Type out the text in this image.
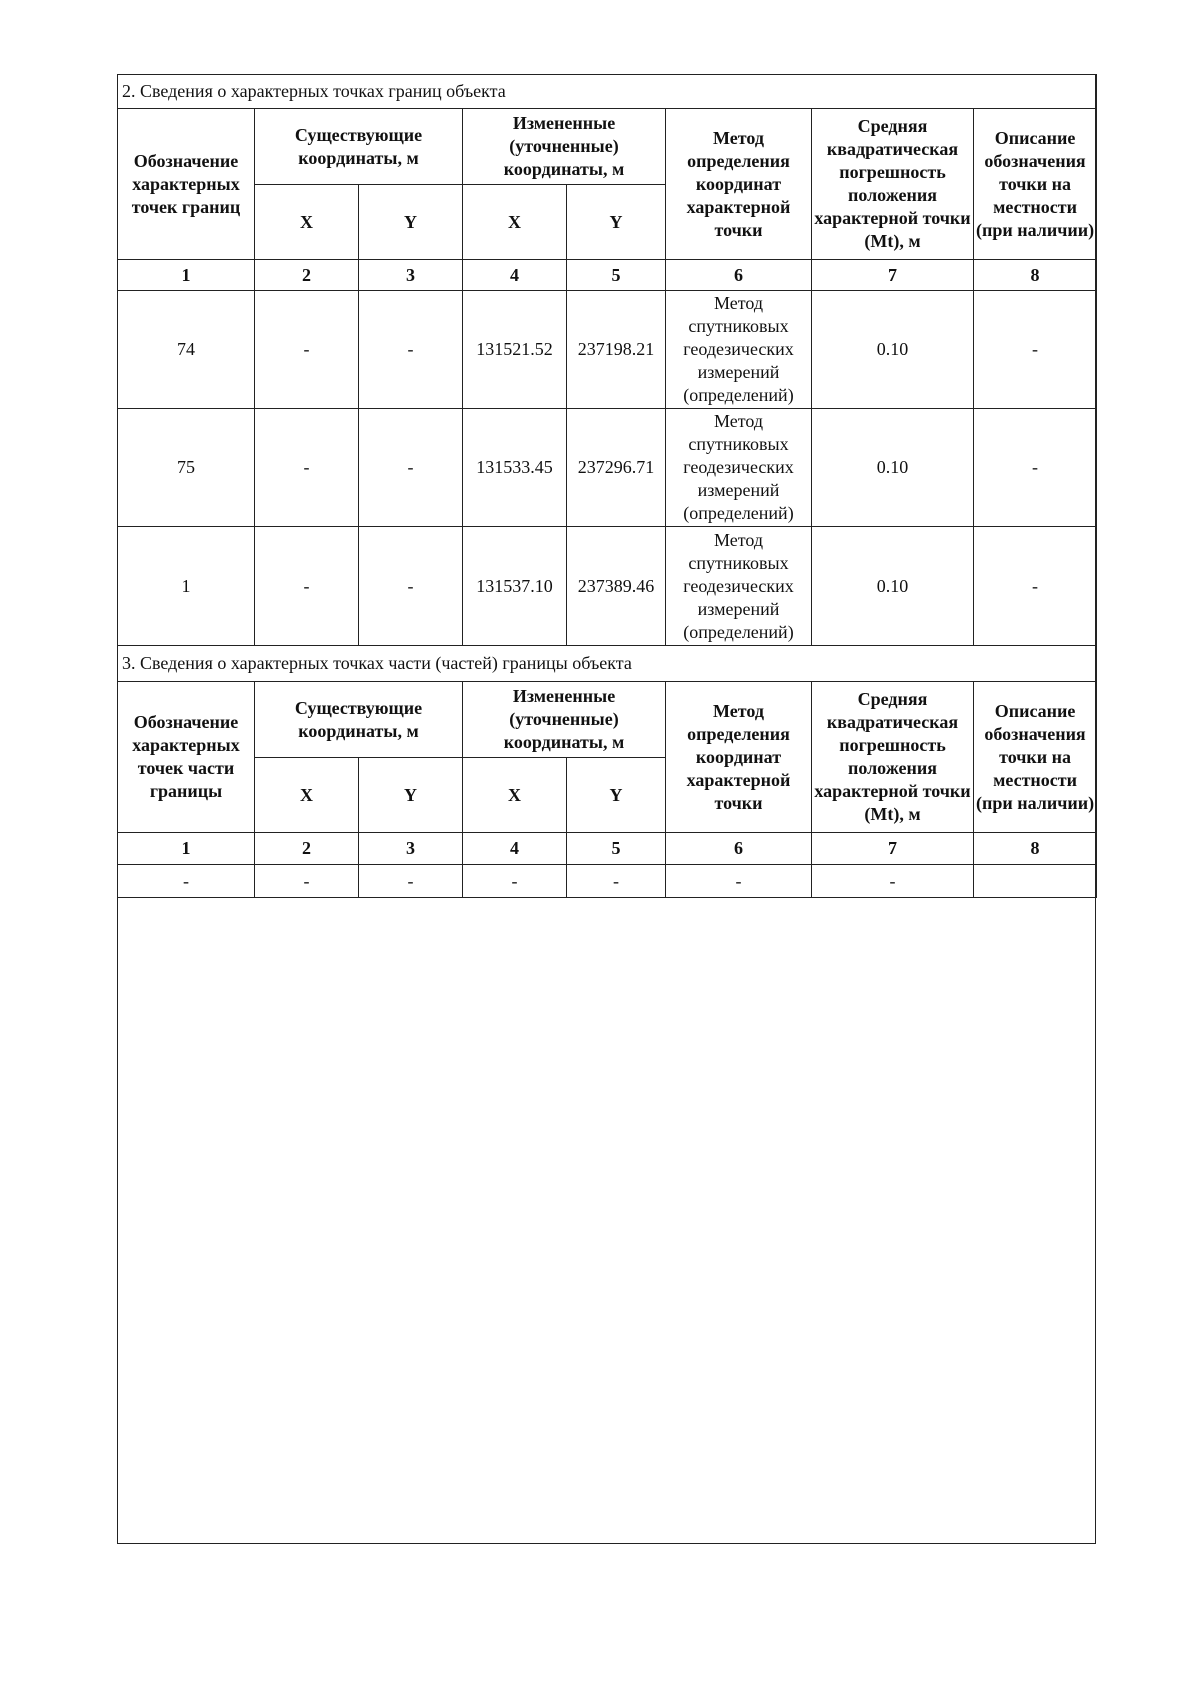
2. Сведения о характерных точках границ объекта							
Обозначение характерных точек границ	Существующие координаты, м		Измененные (уточненные) координаты, м		Метод определения координат характерной точки	Средняя квадратическая погрешность положения характерной точки (Mt), м	Описание обозначения точки на местности (при наличии)
	X	Y	X	Y			
1	2	3	4	5	6	7	8
74	-	-	131521.52	237198.21	Метод спутниковых геодезических измерений (определений)	0.10	-
75	-	-	131533.45	237296.71	Метод спутниковых геодезических измерений (определений)	0.10	-
1	-	-	131537.10	237389.46	Метод спутниковых геодезических измерений (определений)	0.10	-
3. Сведения о характерных точках части (частей) границы объекта							
Обозначение характерных точек части границы	Существующие координаты, м		Измененные (уточненные) координаты, м		Метод определения координат характерной точки	Средняя квадратическая погрешность положения характерной точки (Mt), м	Описание обозначения точки на местности (при наличии)
	X	Y	X	Y			
1	2	3	4	5	6	7	8
-	-	-	-	-	-	-	
